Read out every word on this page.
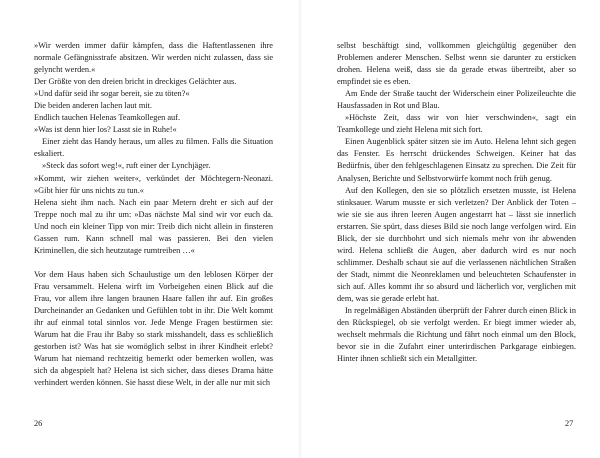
»Wir werden immer dafür kämpfen, dass die Haftentlassenen ihre normale Gefängnisstrafe absitzen. Wir werden nicht zulassen, dass sie gelyncht werden.«

Der Größte von den dreien bricht in dreckiges Gelächter aus.

»Und dafür seid ihr sogar bereit, sie zu töten?«

Die beiden anderen lachen laut mit.

Endlich tauchen Helenas Teamkollegen auf.

»Was ist denn hier los? Lasst sie in Ruhe!«

Einer zieht das Handy heraus, um alles zu filmen. Falls die Situation eskaliert.

»Steck das sofort weg!«, ruft einer der Lynchjäger.

»Kommt, wir ziehen weiter«, verkündet der Möchtegern-Neonazi. »Gibt hier für uns nichts zu tun.«

Helena sieht ihm nach. Nach ein paar Metern dreht er sich auf der Treppe noch mal zu ihr um: »Das nächste Mal sind wir vor euch da. Und noch ein kleiner Tipp von mir: Treib dich nicht allein in finsteren Gassen rum. Kann schnell mal was passieren. Bei den vielen Kriminellen, die sich heutzutage rumtreiben …«

Vor dem Haus haben sich Schaulustige um den leblosen Körper der Frau versammelt. Helena wirft im Vorbeigehen einen Blick auf die Frau, vor allem ihre langen braunen Haare fallen ihr auf. Ein großes Durcheinander an Gedanken und Gefühlen tobt in ihr. Die Welt kommt ihr auf einmal total sinnlos vor. Jede Menge Fragen bestürmen sie: Warum hat die Frau ihr Baby so stark misshandelt, dass es schließlich gestorben ist? Was hat sie womöglich selbst in ihrer Kindheit erlebt? Warum hat niemand rechtzeitig bemerkt oder bemerken wollen, was sich da abgespielt hat? Helena ist sich sicher, dass dieses Drama hätte verhindert werden können. Sie hasst diese Welt, in der alle nur mit sich

selbst beschäftigt sind, vollkommen gleichgültig gegenüber den Problemen anderer Menschen. Selbst wenn sie darunter zu ersticken drohen. Helena weiß, dass sie da gerade etwas übertreibt, aber so empfindet sie es eben.

Am Ende der Straße taucht der Widerschein einer Polizeileuchte die Hausfassaden in Rot und Blau.

»Höchste Zeit, dass wir von hier verschwinden«, sagt ein Teamkollege und zieht Helena mit sich fort.

Einen Augenblick später sitzen sie im Auto. Helena lehnt sich gegen das Fenster. Es herrscht drückendes Schweigen. Keiner hat das Bedürfnis, über den fehlgeschlagenen Einsatz zu sprechen. Die Zeit für Analysen, Berichte und Selbstvorwürfe kommt noch früh genug.

Auf den Kollegen, den sie so plötzlich ersetzen musste, ist Helena stinksauer. Warum musste er sich verletzen? Der Anblick der Toten – wie sie sie aus ihren leeren Augen angestarrt hat – lässt sie innerlich erstarren. Sie spürt, dass dieses Bild sie noch lange verfolgen wird. Ein Blick, der sie durchbohrt und sich niemals mehr von ihr abwenden wird. Helena schließt die Augen, aber dadurch wird es nur noch schlimmer. Deshalb schaut sie auf die verlassenen nächtlichen Straßen der Stadt, nimmt die Neonreklamen und beleuchteten Schaufenster in sich auf. Alles kommt ihr so absurd und lächerlich vor, verglichen mit dem, was sie gerade erlebt hat.

In regelmäßigen Abständen überprüft der Fahrer durch einen Blick in den Rückspiegel, ob sie verfolgt werden. Er biegt immer wieder ab, wechselt mehrmals die Richtung und fährt noch einmal um den Block, bevor sie in die Zufahrt einer unterirdischen Parkgarage einbiegen. Hinter ihnen schließt sich ein Metallgitter.

26	27
